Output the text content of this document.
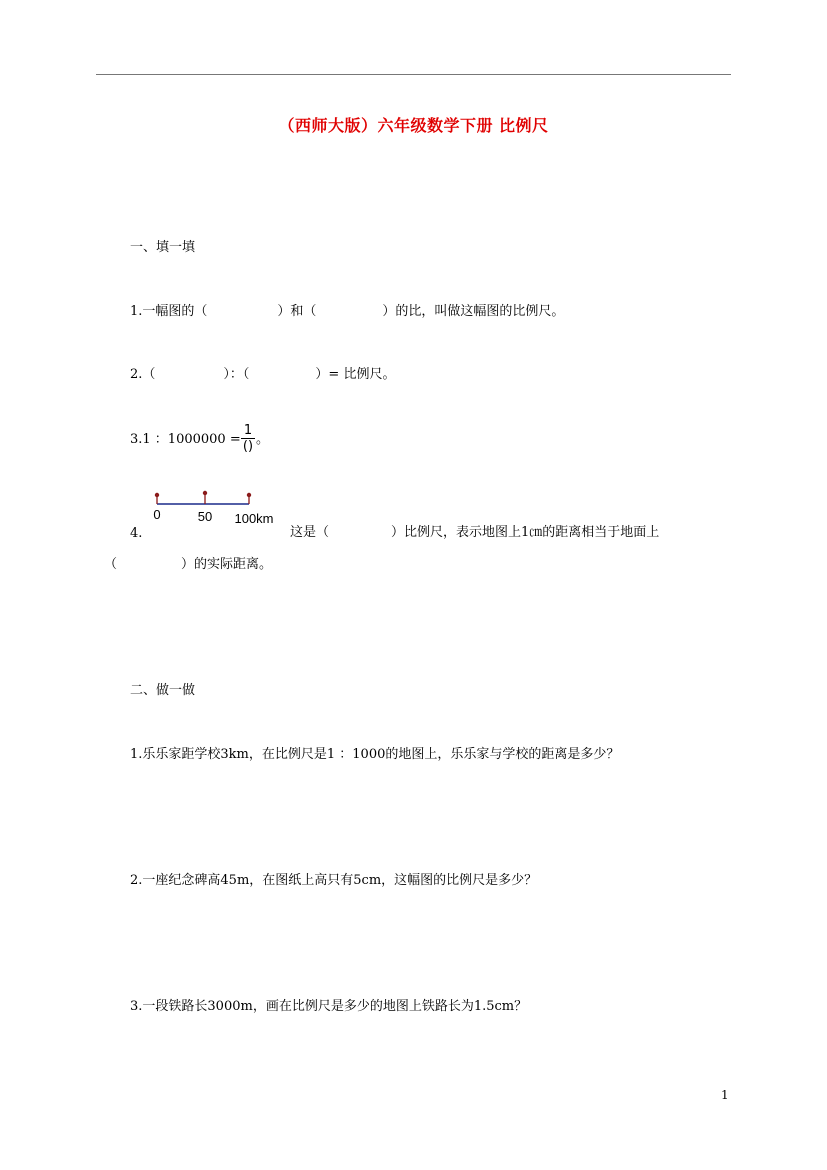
（西师大版）六年级数学下册 比例尺
一、填一填
1.一幅图的（	）和（	）的比，叫做这幅图的比例尺。
2.（	）：（	）= 比例尺。
3.1 ：1000000 =
1
() 。
0	50 100km
4.	这是（	）比例尺，表示地图上1㎝的距离相当于地面上
（	）的实际距离。
二、做一做
1.乐乐家距学校3km，在比例尺是1 ：1000的地图上，乐乐家与学校的距离是多少？
2.一座纪念碑高45m，在图纸上高只有5cm，这幅图的比例尺是多少？
3.一段铁路长3000m，画在比例尺是多少的地图上铁路长为1.5cm？
1
